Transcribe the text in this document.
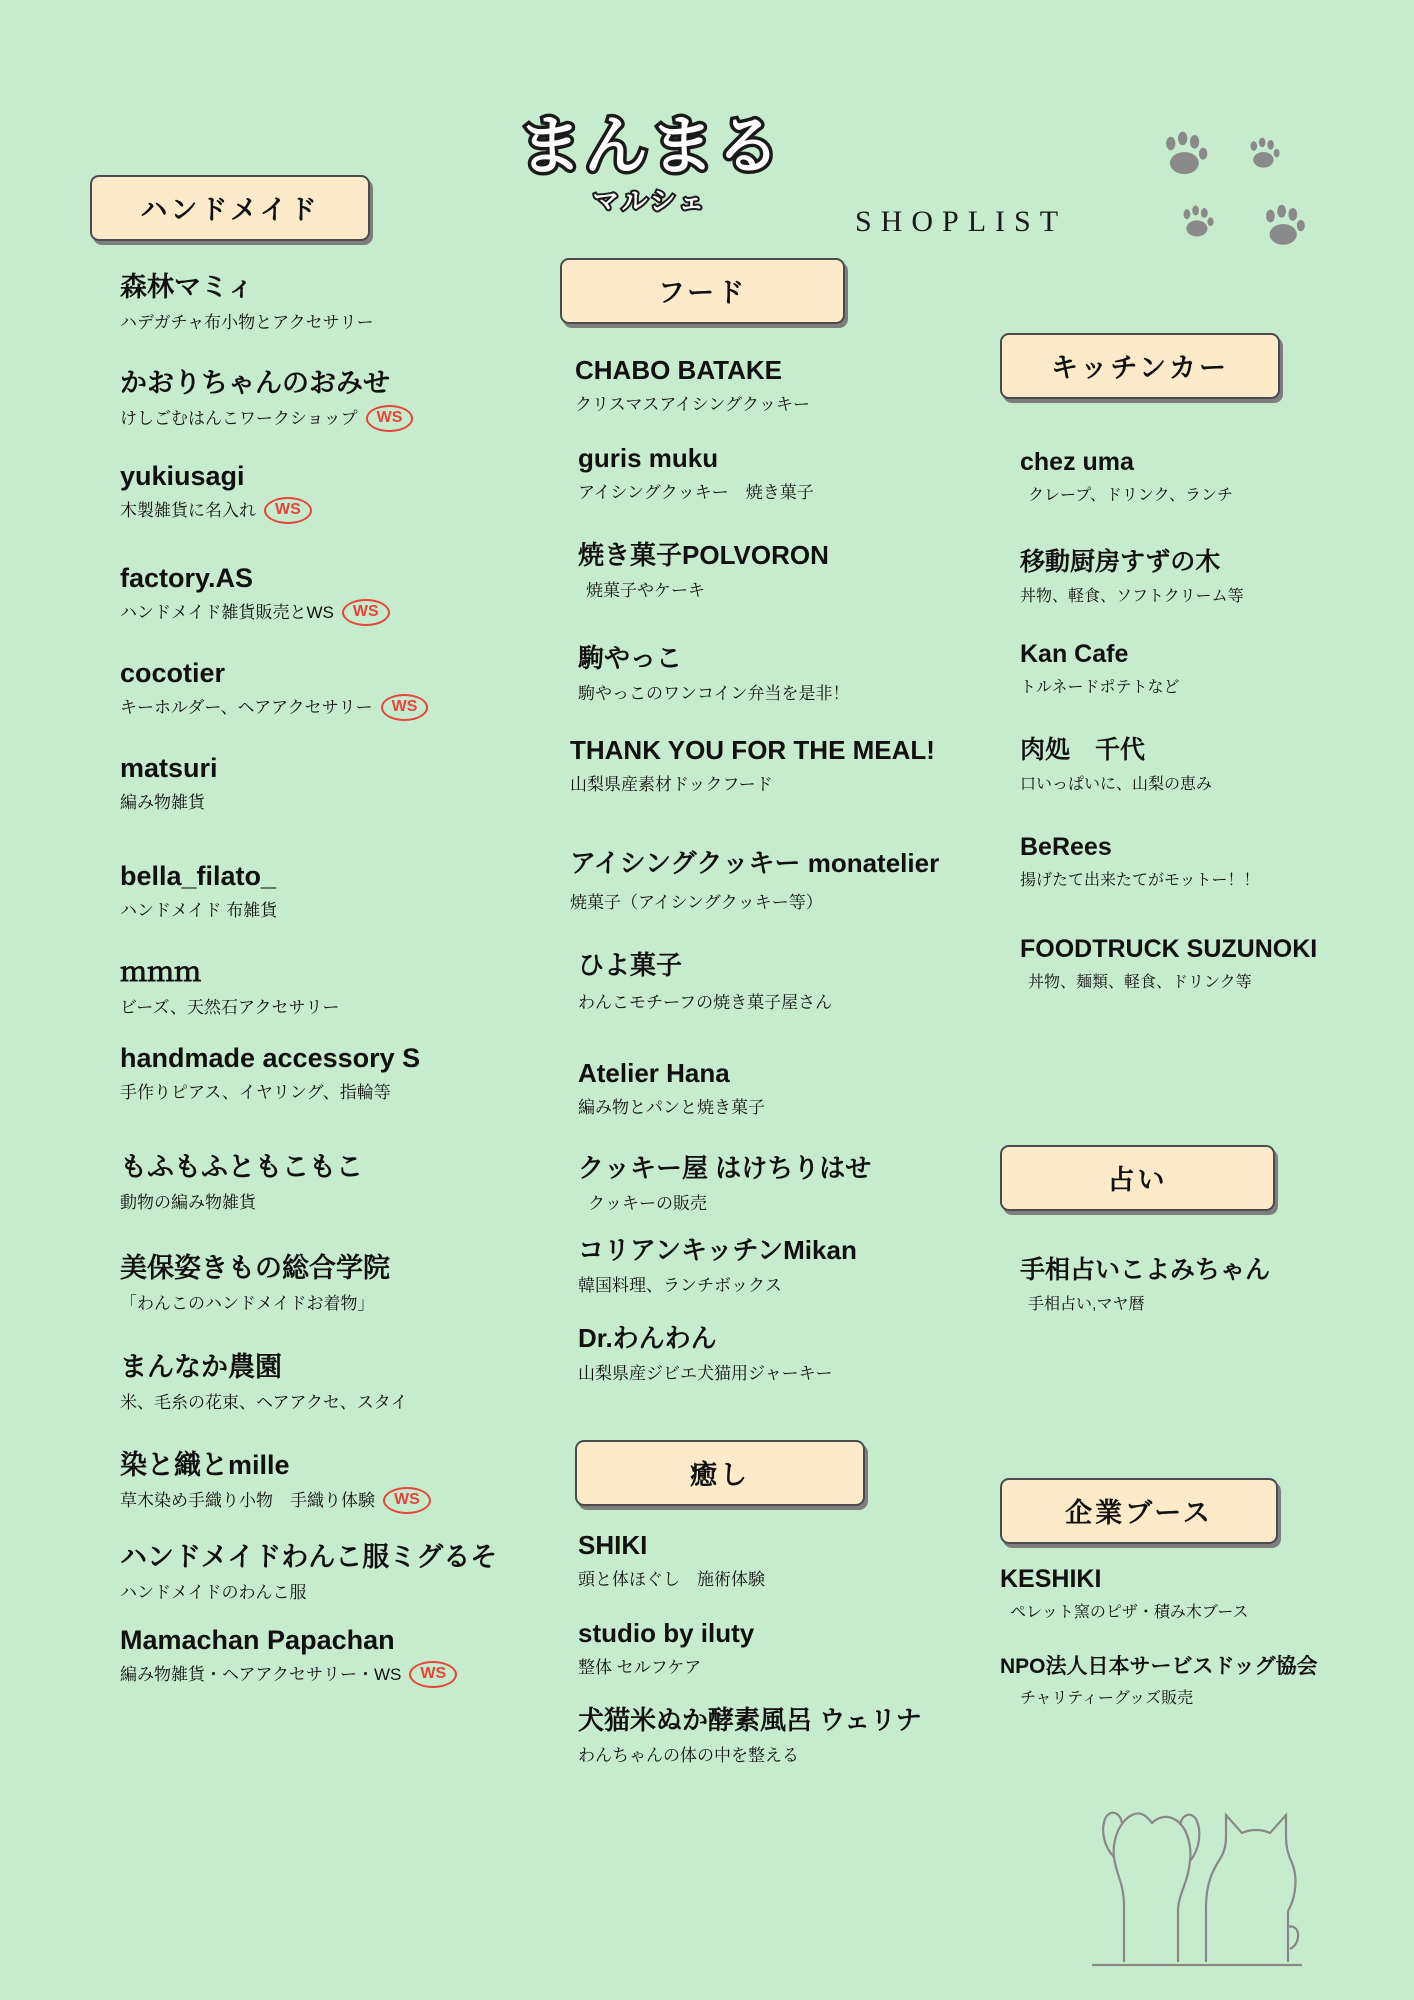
まんまる
マルシェ
SHOPLIST
ハンドメイド
森林マミィ
ハデガチャ布小物とアクセサリー
かおりちゃんのおみせ
けしごむはんこワークショップ WS
yukiusagi
木製雑貨に名入れ WS
factory.AS
ハンドメイド雑貨販売とWS WS
cocotier
キーホルダー、ヘアアクセサリー WS
matsuri
編み物雑貨
bella_filato_
ハンドメイド 布雑貨
ｍｍｍ
ビーズ、天然石アクセサリー
handmade accessory S
手作りピアス、イヤリング、指輪等
もふもふともこもこ
動物の編み物雑貨
美保姿きもの総合学院
「わんこのハンドメイドお着物」
まんなか農園
米、毛糸の花束、ヘアアクセ、スタイ
染と織とmille
草木染め手織り小物　手織り体験 WS
ハンドメイドわんこ服ミグるそ
ハンドメイドのわんこ服
Mamachan Papachan
編み物雑貨・ヘアアクセサリー・WS WS
フード
CHABO BATAKE
クリスマスアイシングクッキー
guris muku
アイシングクッキー　焼き菓子
焼き菓子POLVORON
焼菓子やケーキ
駒やっこ
駒やっこのワンコイン弁当を是非！
THANK YOU FOR THE MEAL!
山梨県産素材ドックフード
アイシングクッキー monatelier
焼菓子（アイシングクッキー等）
ひよ菓子
わんこモチーフの焼き菓子屋さん
Atelier Hana
編み物とパンと焼き菓子
クッキー屋 はけちりはせ
クッキーの販売
コリアンキッチンMikan
韓国料理、ランチボックス
Dr.わんわん
山梨県産ジビエ犬猫用ジャーキー
癒し
SHIKI
頭と体ほぐし　施術体験
studio by iluty
整体 セルフケア
犬猫米ぬか酵素風呂 ウェリナ
わんちゃんの体の中を整える
キッチンカー
chez uma
クレープ、ドリンク、ランチ
移動厨房すずの木
丼物、軽食、ソフトクリーム等
Kan Cafe
トルネードポテトなど
肉処　千代
口いっぱいに、山梨の恵み
BeRees
揚げたて出来たてがモットー！！
FOODTRUCK SUZUNOKI
丼物、麺類、軽食、ドリンク等
占い
手相占いこよみちゃん
手相占い,マヤ暦
企業ブース
KESHIKI
ペレット窯のピザ・積み木ブース
NPO法人日本サービスドッグ協会
チャリティーグッズ販売
